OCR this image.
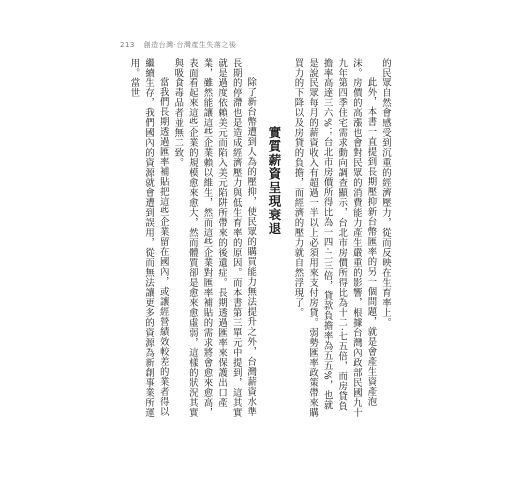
213 創造台灣‧台灣產生失落之後

的民眾自然會感受到沉重的經濟壓力，從而反映在生育率上。

此外，本書一直提到長期壓抑新台幣匯率的另一個問題，就是會產生資產泡沫。房價的高漲也會對民眾的消費能力產生嚴重的影響，根據台灣內政部民國九十九年第四季住宅需求動向調查顯示，台北市房價所得比為十二‧七五倍，而房貸負擔率高達三六%；台北市房價所得比為一四‧二三倍，貸款負擔率為五五%，也就是說民眾每月的薪資收入有超過一半以上必須用來支付房貸。弱勢匯率政策帶來購買力的下降以及房貸的負擔，而經濟的壓力就自然浮現了。

實質薪資呈現衰退

除了新台幣遭到人為的壓抑，使民眾的購買能力無法提升之外，台灣薪資水準長期的停滯也是造成經濟壓力與低生育率的原因。而本書第三單元中提到，這其實就是過度依賴美元而陷入美元陷阱所帶來的後遺症。長期透過匯率來保護出口產業，雖然能讓這些企業賴以維生，然而這些企業對匯率補貼的需求將會愈來愈高，表面看起來這些企業的規模愈來愈大，然而體質卻是愈來愈虛弱，這樣的狀況其實與吸食毒品者並無二致。

當我們長期透過匯率補貼把這些企業留在國內，或讓經營績效較差的業者得以繼續生存，我們國內的資源就會遭到誤用，從而無法讓更多的資源為新創事業所運用。當世
